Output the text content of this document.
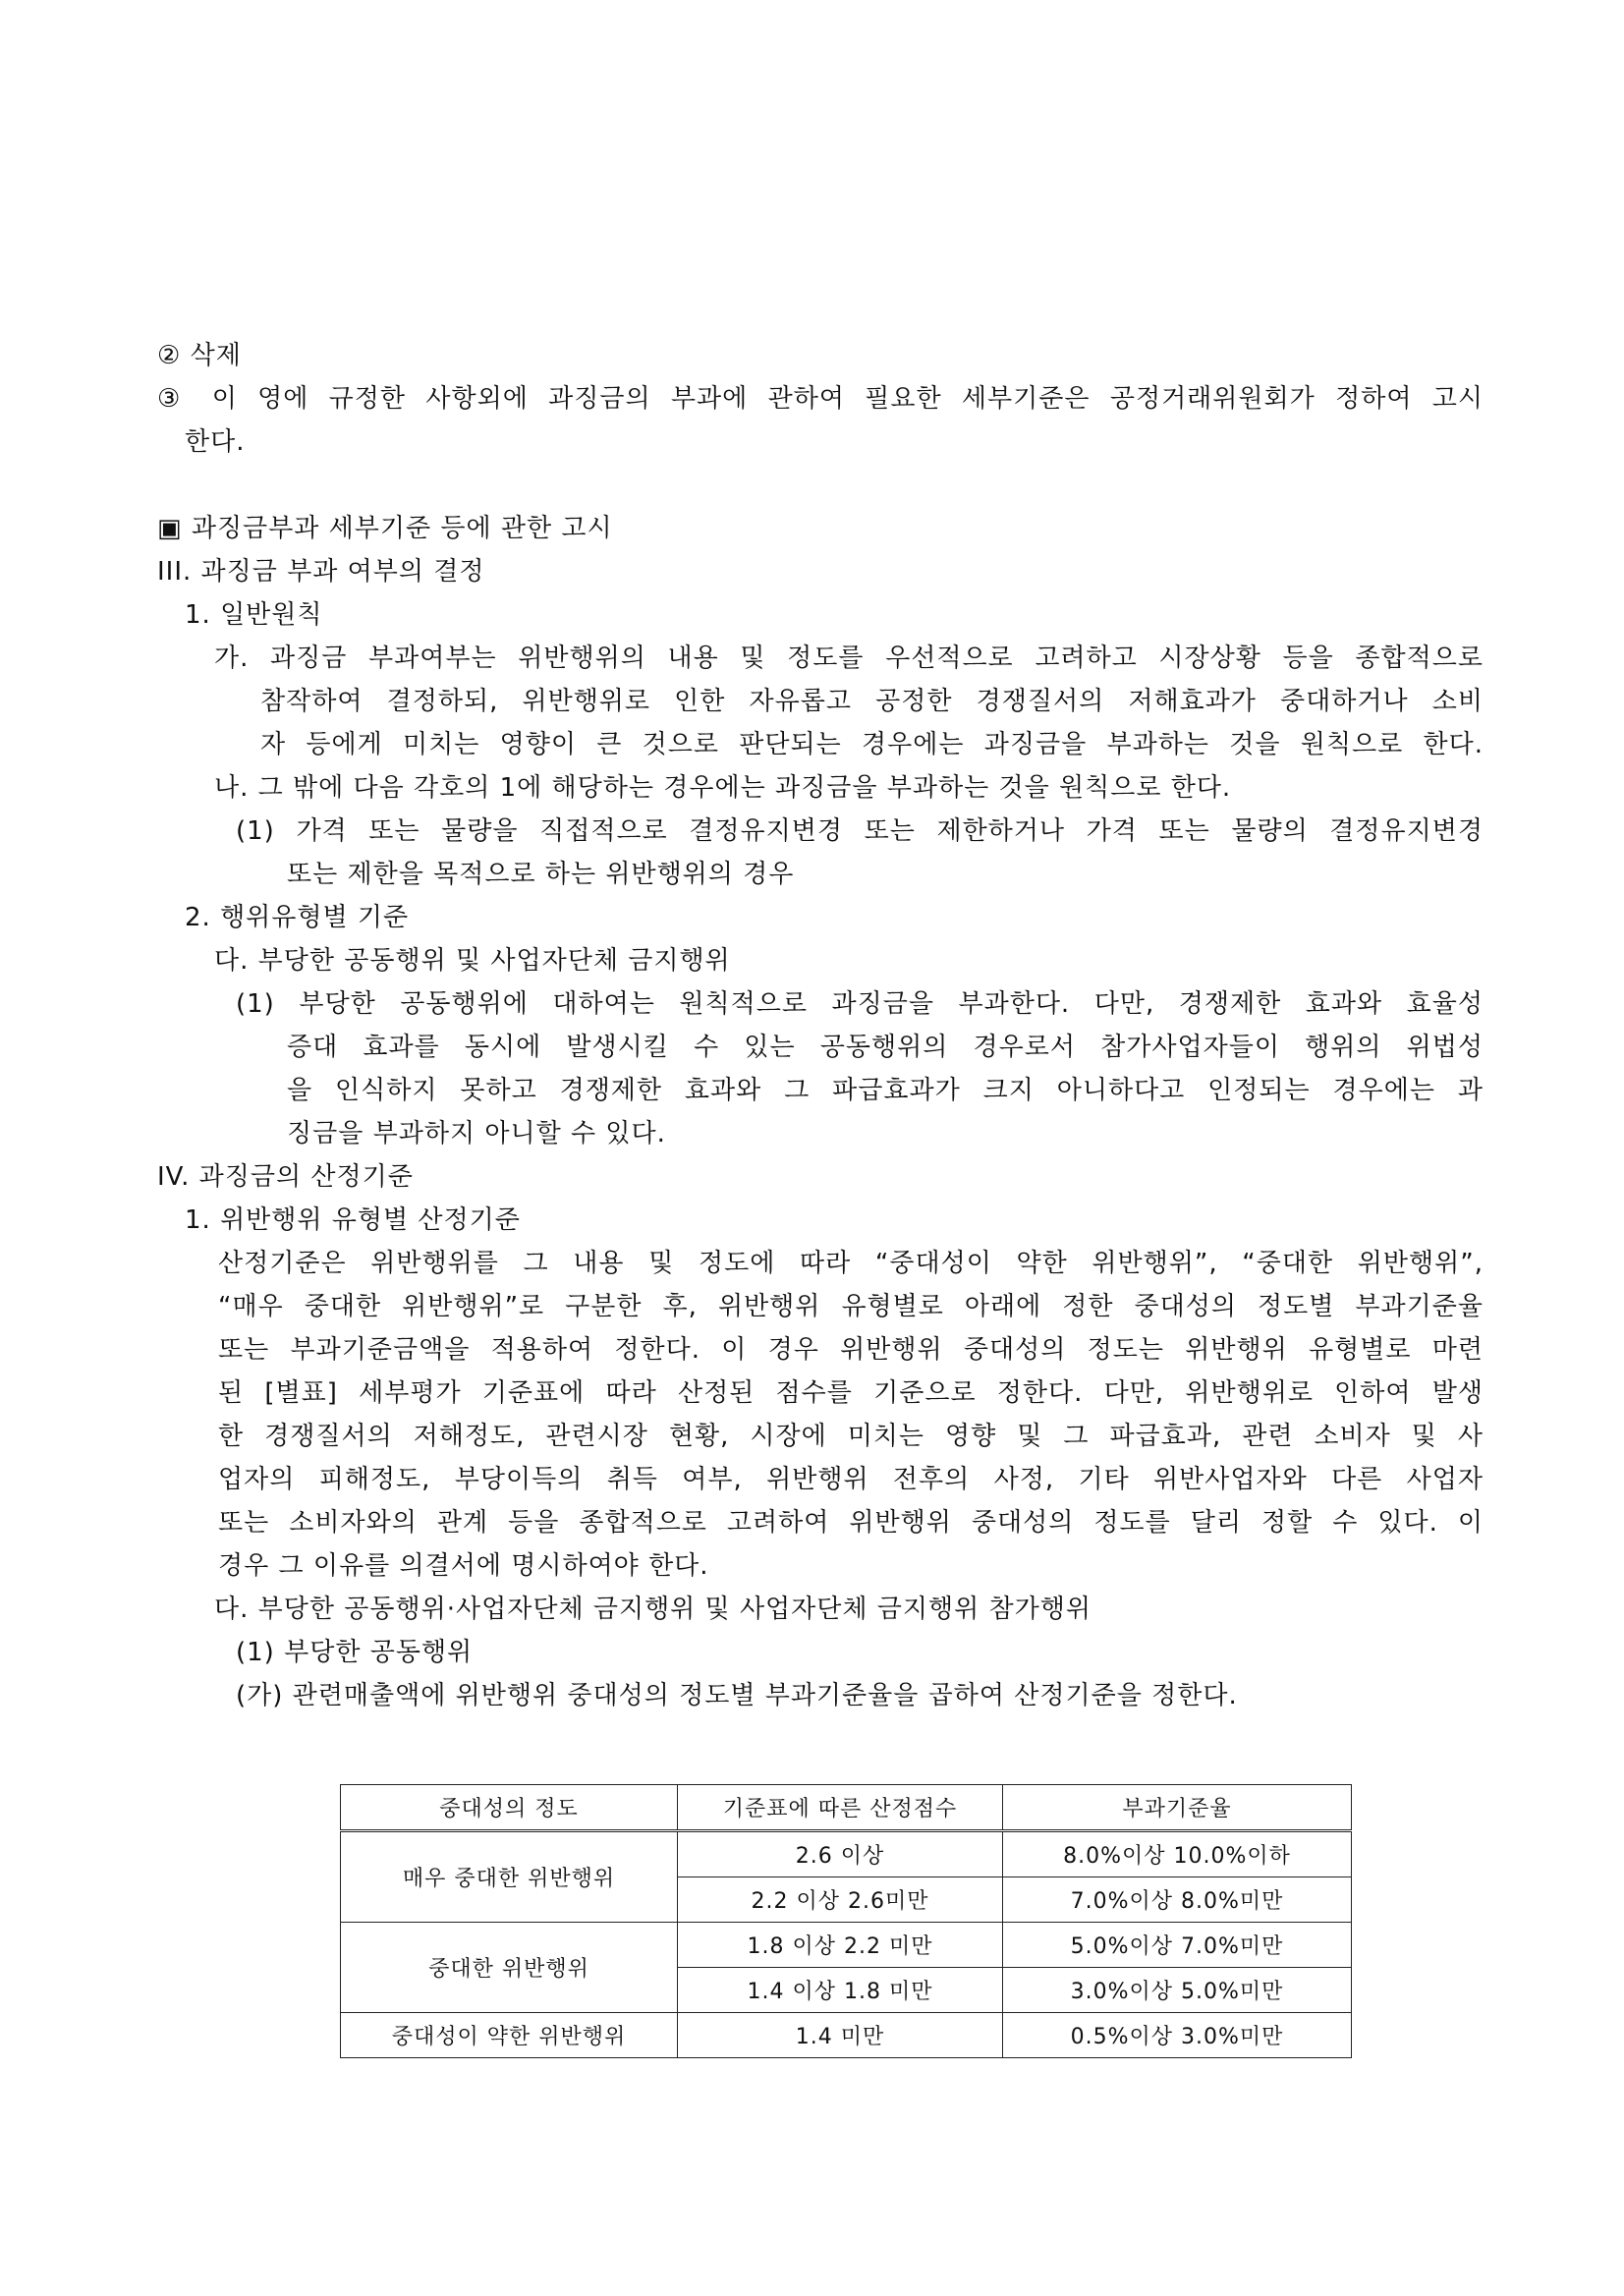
② 삭제
③ 이 영에 규정한 사항외에 과징금의 부과에 관하여 필요한 세부기준은 공정거래위원회가 정하여 고시
한다.
▣ 과징금부과 세부기준 등에 관한 고시
III. 과징금 부과 여부의 결정
1. 일반원칙
가. 과징금 부과여부는 위반행위의 내용 및 정도를 우선적으로 고려하고 시장상황 등을 종합적으로
참작하여 결정하되, 위반행위로 인한 자유롭고 공정한 경쟁질서의 저해효과가 중대하거나 소비
자 등에게 미치는 영향이 큰 것으로 판단되는 경우에는 과징금을 부과하는 것을 원칙으로 한다.
나. 그 밖에 다음 각호의 1에 해당하는 경우에는 과징금을 부과하는 것을 원칙으로 한다.
(1) 가격 또는 물량을 직접적으로 결정유지변경 또는 제한하거나 가격 또는 물량의 결정유지변경
또는 제한을 목적으로 하는 위반행위의 경우
2. 행위유형별 기준
다. 부당한 공동행위 및 사업자단체 금지행위
(1) 부당한 공동행위에 대하여는 원칙적으로 과징금을 부과한다. 다만, 경쟁제한 효과와 효율성
증대 효과를 동시에 발생시킬 수 있는 공동행위의 경우로서 참가사업자들이 행위의 위법성
을 인식하지 못하고 경쟁제한 효과와 그 파급효과가 크지 아니하다고 인정되는 경우에는 과
징금을 부과하지 아니할 수 있다.
IV. 과징금의 산정기준
1. 위반행위 유형별 산정기준
산정기준은 위반행위를 그 내용 및 정도에 따라 “중대성이 약한 위반행위”, “중대한 위반행위”,
“매우 중대한 위반행위”로 구분한 후, 위반행위 유형별로 아래에 정한 중대성의 정도별 부과기준율
또는 부과기준금액을 적용하여 정한다. 이 경우 위반행위 중대성의 정도는 위반행위 유형별로 마련
된 [별표] 세부평가 기준표에 따라 산정된 점수를 기준으로 정한다. 다만, 위반행위로 인하여 발생
한 경쟁질서의 저해정도, 관련시장 현황, 시장에 미치는 영향 및 그 파급효과, 관련 소비자 및 사
업자의 피해정도, 부당이득의 취득 여부, 위반행위 전후의 사정, 기타 위반사업자와 다른 사업자
또는 소비자와의 관계 등을 종합적으로 고려하여 위반행위 중대성의 정도를 달리 정할 수 있다. 이
경우 그 이유를 의결서에 명시하여야 한다.
다. 부당한 공동행위·사업자단체 금지행위 및 사업자단체 금지행위 참가행위
(1) 부당한 공동행위
(가) 관련매출액에 위반행위 중대성의 정도별 부과기준율을 곱하여 산정기준을 정한다.
중대성의 정도	기준표에 따른 산정점수	부과기준율
매우 중대한 위반행위	2.6 이상	8.0%이상 10.0%이하
	2.2 이상 2.6미만	7.0%이상 8.0%미만
중대한 위반행위	1.8 이상 2.2 미만	5.0%이상 7.0%미만
	1.4 이상 1.8 미만	3.0%이상 5.0%미만
중대성이 약한 위반행위	1.4 미만	0.5%이상 3.0%미만
